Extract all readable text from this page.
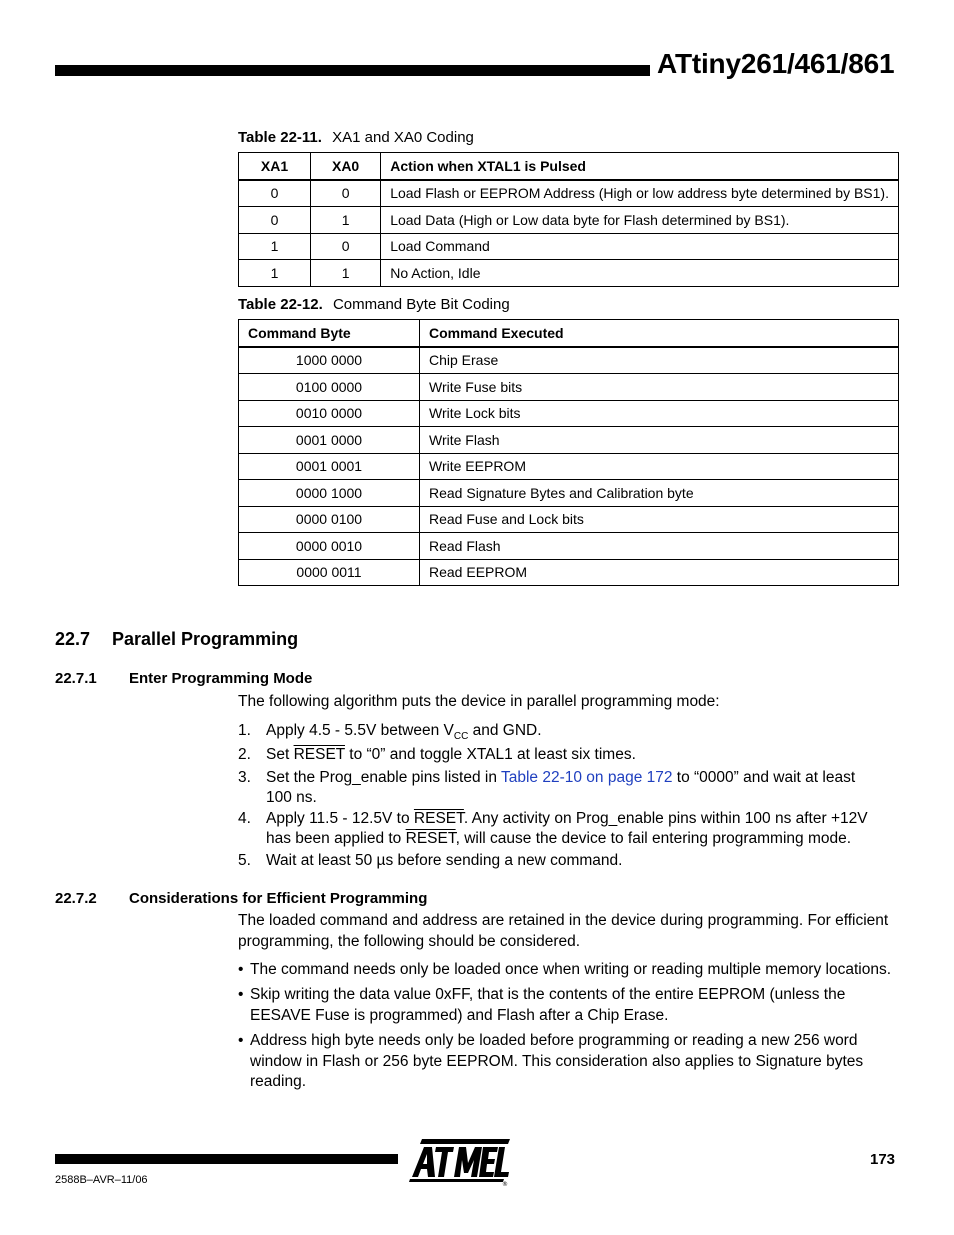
ATtiny261/461/861
Table 22-11. XA1 and XA0 Coding
XA1	XA0	Action when XTAL1 is Pulsed
0	0	Load Flash or EEPROM Address (High or low address byte determined by BS1).
0	1	Load Data (High or Low data byte for Flash determined by BS1).
1	0	Load Command
1	1	No Action, Idle
Table 22-12. Command Byte Bit Coding
Command Byte	Command Executed
1000 0000	Chip Erase
0100 0000	Write Fuse bits
0010 0000	Write Lock bits
0001 0000	Write Flash
0001 0001	Write EEPROM
0000 1000	Read Signature Bytes and Calibration byte
0000 0100	Read Fuse and Lock bits
0000 0010	Read Flash
0000 0011	Read EEPROM
22.7 Parallel Programming
22.7.1 Enter Programming Mode
The following algorithm puts the device in parallel programming mode:
1. Apply 4.5 - 5.5V between $V_{CC}$ and GND.
2. Set RESET to “0” and toggle XTAL1 at least six times.
3. Set the Prog_enable pins listed in Table 22-10 on page 172 to “0000” and wait at least 100 ns.
4. Apply 11.5 - 12.5V to RESET. Any activity on Prog_enable pins within 100 ns after +12V has been applied to RESET, will cause the device to fail entering programming mode.
5. Wait at least 50 µs before sending a new command.
22.7.2 Considerations for Efficient Programming
The loaded command and address are retained in the device during programming. For efficient programming, the following should be considered.
• The command needs only be loaded once when writing or reading multiple memory locations.
• Skip writing the data value 0xFF, that is the contents of the entire EEPROM (unless the EESAVE Fuse is programmed) and Flash after a Chip Erase.
• Address high byte needs only be loaded before programming or reading a new 256 word window in Flash or 256 byte EEPROM. This consideration also applies to Signature bytes reading.
2588B–AVR–11/06
173
®
